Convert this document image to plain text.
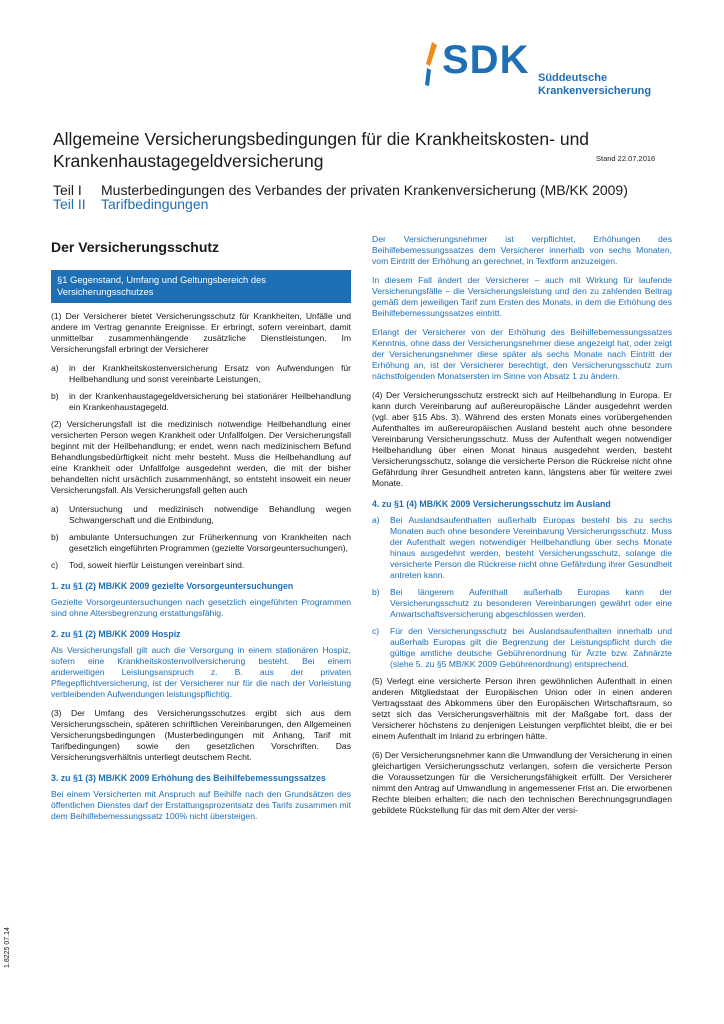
SDK Süddeutsche
Krankenversicherung
Allgemeine Versicherungsbedingungen für die Krankheitskosten- und
Krankenhaustagegeldversicherung	Stand 22.07.2016
Teil I Musterbedingungen des Verbandes der privaten Krankenversicherung (MB/KK 2009)
Teil II Tarifbedingungen
Der Versicherungsschutz
§1 Gegenstand, Umfang und Geltungsbereich des Versicherungsschutzes

(1) Der Versicherer bietet Versicherungsschutz für Krankheiten, Unfälle und andere im Vertrag genannte Ereignisse. Er erbringt, sofern vereinbart, damit unmittelbar zusammenhängende zusätzliche Dienstleistungen. Im Versicherungsfall erbringt der Versicherer

a)	in der Krankheitskostenversicherung Ersatz von Aufwendungen für Heilbehandlung und sonst vereinbarte Leistungen,
b)	in der Krankenhaustagegeldversicherung bei stationärer Heilbehandlung ein Krankenhaustagegeld.

(2) Versicherungsfall ist die medizinisch notwendige Heilbehandlung einer versicherten Person wegen Krankheit oder Unfallfolgen. Der Versicherungsfall beginnt mit der Heilbehandlung; er endet, wenn nach medizinischem Befund Behandlungsbedürftigkeit nicht mehr besteht. Muss die Heilbehandlung auf eine Krankheit oder Unfallfolge ausgedehnt werden, die mit der bisher behandelten nicht ursächlich zusammenhängt, so entsteht insoweit ein neuer Versicherungsfall. Als Versicherungsfall gelten auch

a)	Untersuchung und medizinisch notwendige Behandlung wegen Schwangerschaft und die Entbindung,
b)	ambulante Untersuchungen zur Früherkennung von Krankheiten nach gesetzlich eingeführten Programmen (gezielte Vorsorgeuntersuchungen),
c)	Tod, soweit hierfür Leistungen vereinbart sind.

1. zu §1 (2) MB/KK 2009 gezielte Vorsorgeuntersuchungen

Gezielte Vorsorgeuntersuchungen nach gesetzlich eingeführten Programmen sind ohne Altersbegrenzung erstattungsfähig.

2. zu §1 (2) MB/KK 2009 Hospiz

Als Versicherungsfall gilt auch die Versorgung in einem stationären Hospiz, sofern eine Krankheitskostenvollversicherung besteht. Bei einem anderweitigen Leistungsanspruch z. B. aus der privaten Pflegepflichtversicherung, ist der Versicherer nur für die nach der Vorleistung verbleibenden Aufwendungen leistungspflichtig.

(3) Der Umfang des Versicherungsschutzes ergibt sich aus dem Versicherungsschein, späteren schriftlichen Vereinbarungen, den Allgemeinen Versicherungsbedingungen (Musterbedingungen mit Anhang, Tarif mit Tarifbedingungen) sowie den gesetzlichen Vorschriften. Das Versicherungsverhältnis unterliegt deutschem Recht.

3. zu §1 (3) MB/KK 2009 Erhöhung des Beihilfebemessungssatzes

Bei einem Versicherten mit Anspruch auf Beihilfe nach den Grundsätzen des öffentlichen Dienstes darf der Erstattungsprozentsatz des Tarifs zusammen mit dem Beihilfebemessungssatz 100% nicht übersteigen.

Der Versicherungsnehmer ist verpflichtet, Erhöhungen des Beihilfebemessungssatzes dem Versicherer innerhalb von sechs Monaten, vom Eintritt der Erhöhung an gerechnet, in Textform anzuzeigen.

In diesem Fall ändert der Versicherer – auch mit Wirkung für laufende Versicherungsfälle – die Versicherungsleistung und den zu zahlenden Beitrag gemäß dem jeweiligen Tarif zum Ersten des Monats, in dem die Erhöhung des Beihilfebemessungssatzes eintritt.

Erlangt der Versicherer von der Erhöhung des Beihilfebemessungssatzes Kenntnis, ohne dass der Versicherungsnehmer diese angezeigt hat, oder zeigt der Versicherungsnehmer diese später als sechs Monate nach Eintritt der Erhöhung an, ist der Versicherer berechtigt, den Versicherungsschutz zum nächstfolgenden Monatsersten im Sinne von Absatz 1 zu ändern.

(4) Der Versicherungsschutz erstreckt sich auf Heilbehandlung in Europa. Er kann durch Vereinbarung auf außereuropäische Länder ausgedehnt werden (vgl. aber §15 Abs. 3). Während des ersten Monats eines vorübergehenden Aufenthaltes im außereuropäischen Ausland besteht auch ohne besondere Vereinbarung Versicherungsschutz. Muss der Aufenthalt wegen notwendiger Heilbehandlung über einen Monat hinaus ausgedehnt werden, besteht Versicherungsschutz, solange die versicherte Person die Rückreise nicht ohne Gefährdung ihrer Gesundheit antreten kann, längstens aber für weitere zwei Monate.

4. zu §1 (4) MB/KK 2009 Versicherungsschutz im Ausland

a)	Bei Auslandsaufenthalten außerhalb Europas besteht bis zu sechs Monaten auch ohne besondere Vereinbarung Versicherungsschutz. Muss der Aufenthalt wegen notwendiger Heilbehandlung über sechs Monate hinaus ausgedehnt werden, besteht Versicherungsschutz, solange die versicherte Person die Rückreise nicht ohne Gefährdung ihrer Gesundheit antreten kann.
b)	Bei längerem Aufenthalt außerhalb Europas kann der Versicherungsschutz zu besonderen Vereinbarungen gewährt oder eine Anwartschaftsversicherung abgeschlossen werden.
c)	Für den Versicherungsschutz bei Auslandsaufenthalten innerhalb und außerhalb Europas gilt die Begrenzung der Leistungspflicht durch die gültige amtliche deutsche Gebührenordnung für Ärzte bzw. Zahnärzte (siehe 5. zu §5 MB/KK 2009 Gebührenordnung) entsprechend.

(5) Verlegt eine versicherte Person ihren gewöhnlichen Aufenthalt in einen anderen Mitgliedstaat der Europäischen Union oder in einen anderen Vertragsstaat des Abkommens über den Europäischen Wirtschaftsraum, so setzt sich das Versicherungsverhältnis mit der Maßgabe fort, dass der Versicherer höchstens zu denjenigen Leistungen verpflichtet bleibt, die er bei einem Aufenthalt im Inland zu erbringen hätte.

(6) Der Versicherungsnehmer kann die Umwandlung der Versicherung in einen gleichartigen Versicherungsschutz verlangen, sofern die versicherte Person die Voraussetzungen für die Versicherungsfähigkeit erfüllt. Der Versicherer nimmt den Antrag auf Umwandlung in angemessener Frist an. Die erworbenen Rechte bleiben erhalten; die nach den technischen Berechnungsgrundlagen gebildete Rückstellung für das mit dem Alter der versi-

1.8225 07.14
